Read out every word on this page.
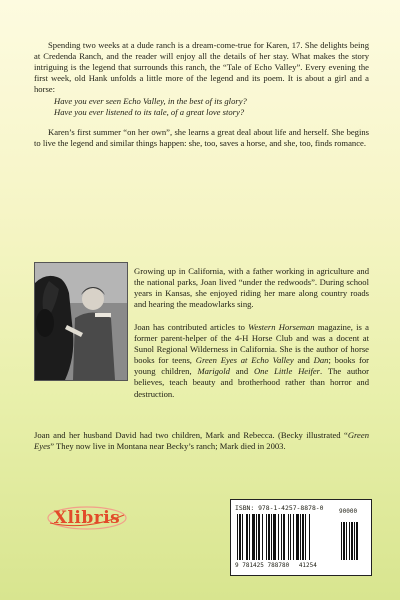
Spending two weeks at a dude ranch is a dream-come-true for Karen, 17. She delights being at Credenda Ranch, and the reader will enjoy all the details of her stay. What makes the story intriguing is the legend that surrounds this ranch, the “Tale of Echo Valley”. Every evening the first week, old Hank unfolds a little more of the legend and its poem. It is about a girl and a horse:

Have you ever seen Echo Valley, in the best of its glory?
Have you ever listened to its tale, of a great love story?

Karen’s first summer “on her own”, she learns a great deal about life and herself. She begins to live the legend and similar things happen: she, too, saves a horse, and she, too, finds romance.

Growing up in California, with a father working in agriculture and the national parks, Joan lived “under the redwoods”. During school years in Kansas, she enjoyed riding her mare along country roads and hearing the meadowlarks sing.

Joan has contributed articles to Western Horseman magazine, is a former parent-helper of the 4-H Horse Club and was a docent at Sunol Regional Wilderness in California. She is the author of horse books for teens, Green Eyes at Echo Valley and Dan; books for young children, Marigold and One Little Heifer. The author believes, teach beauty and brotherhood rather than horror and destruction.

Joan and her husband David had two children, Mark and Rebecca. (Becky illustrated “Green Eyes” They now live in Montana near Becky’s ranch; Mark died in 2003.

Xlibris	ISBN: 978-1-4257-8878-0
9 781425 788780 41254
90000
